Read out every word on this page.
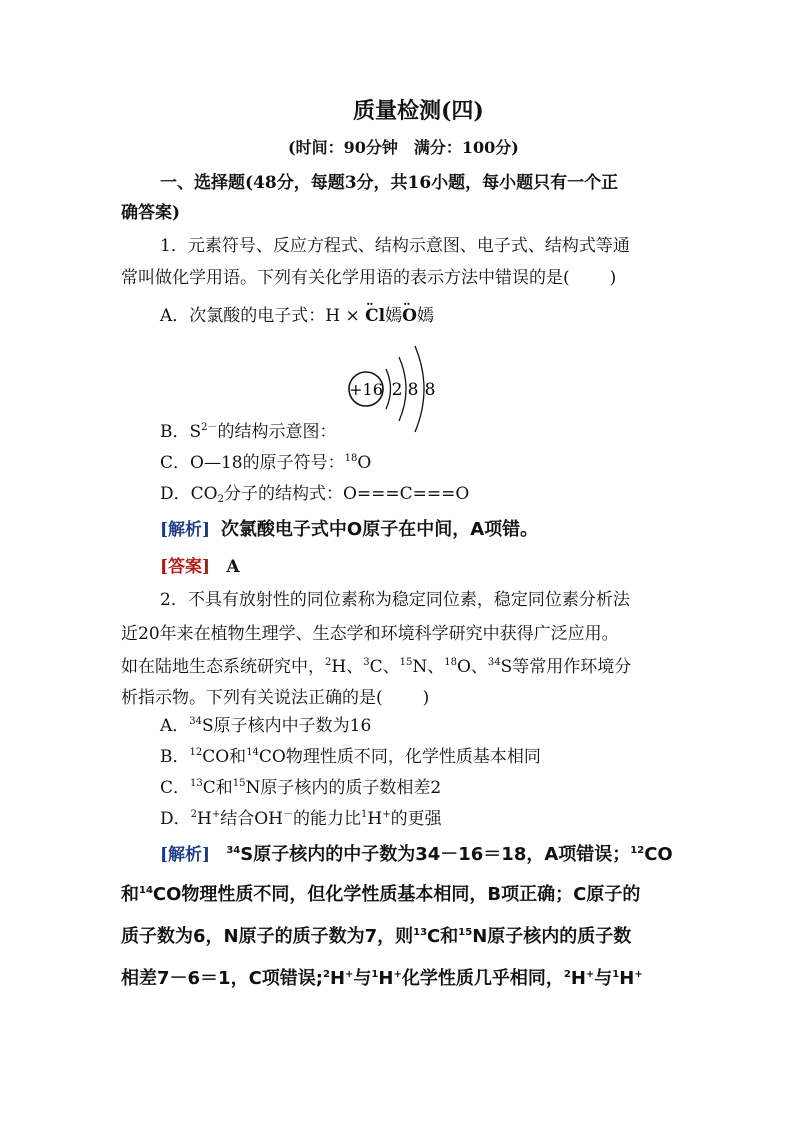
质量检测(四)
(时间：90分钟　满分：100分)
一、选择题(48分，每题3分，共16小题，每小题只有一个正
确答案)
1．元素符号、反应方程式、结构示意图、电子式、结构式等通
常叫做化学用语。下列有关化学用语的表示方法中错误的是( )
A．次氯酸的电子式：H × ·· Cl嫣·· O嫣
+16 2 8 8
B．$S^{2-}$的结构示意图：
C．O—18的原子符号：$^{18}$O
D．$CO_2$分子的结构式：O===C===O
[解析] 次氯酸电子式中O原子在中间，A项错。
[答案] A
2．不具有放射性的同位素称为稳定同位素，稳定同位素分析法
近20年来在植物生理学、生态学和环境科学研究中获得广泛应用。
如在陆地生态系统研究中，$^2$H、$^3$C、$^{15}$N、$^{18}$O、$^{34}$S等常用作环境分
析指示物。下列有关说法正确的是( )
A．$^{34}$S原子核内中子数为16
B．$^{12}$CO和$^{14}$CO物理性质不同，化学性质基本相同
C．$^{13}$C和$^{15}$N原子核内的质子数相差2
D．$^2$H+结合OH－的能力比$^1$H+的更强
[解析] $^{34}$S原子核内的中子数为34－16＝18，A项错误；$^{12}$CO
和$^{14}$CO物理性质不同，但化学性质基本相同，B项正确；C原子的
质子数为6，N原子的质子数为7，则$^{13}$C和$^{15}$N原子核内的质子数
相差7－6＝1，C项错误;$^2$H+与$^1$H+化学性质几乎相同，$^2$H+与$^1$H+
